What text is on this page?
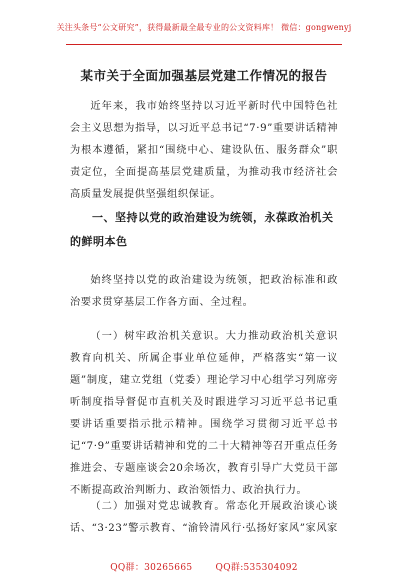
关注头条号“公文研究”，获得最新最全最专业的公文资料库！ 微信：gongwenyj
某市关于全面加强基层党建工作情况的报告
近年来，我市始终坚持以习近平新时代中国特色社会主义思想为指导，以习近平总书记“7·9”重要讲话精神为根本遵循，紧扣“围绕中心、建设队伍、服务群众”职责定位，全面提高基层党建质量，为推动我市经济社会高质量发展提供坚强组织保证。
一、坚持以党的政治建设为统领，永葆政治机关的鲜明本色
始终坚持以党的政治建设为统领，把政治标准和政治要求贯穿基层工作各方面、全过程。
（一）树牢政治机关意识。大力推动政治机关意识教育向机关、所属企事业单位延伸，严格落实“第一议题”制度，建立党组（党委）理论学习中心组学习列席旁听制度指导督促市直机关及时跟进学习习近平总书记重要讲话重要指示批示精神。围绕学习贯彻习近平总书记“7·9”重要讲话精神和党的二十大精神等召开重点任务推进会、专题座谈会20余场次，教育引导广大党员干部不断提高政治判断力、政治领悟力、政治执行力。
（二）加强对党忠诚教育。常态化开展政治谈心谈话、“3·23”警示教育、“渝铃清风行·弘扬好家风”家风家
QQ群：30265665	QQ群:535304092
